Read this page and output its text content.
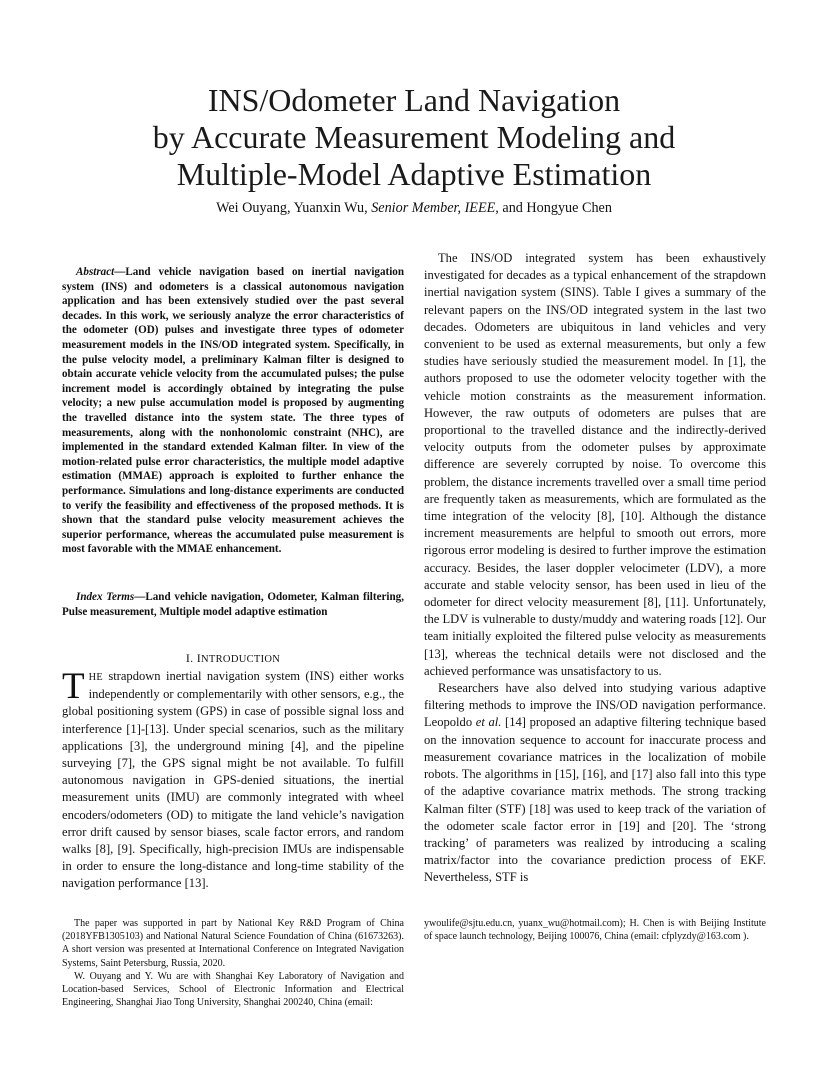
INS/Odometer Land Navigation
by Accurate Measurement Modeling and
Multiple-Model Adaptive Estimation
Wei Ouyang, Yuanxin Wu, Senior Member, IEEE, and Hongyue Chen
Abstract—Land vehicle navigation based on inertial navigation system (INS) and odometers is a classical autonomous navigation application and has been extensively studied over the past several decades. In this work, we seriously analyze the error characteristics of the odometer (OD) pulses and investigate three types of odometer measurement models in the INS/OD integrated system. Specifically, in the pulse velocity model, a preliminary Kalman filter is designed to obtain accurate vehicle velocity from the accumulated pulses; the pulse increment model is accordingly obtained by integrating the pulse velocity; a new pulse accumulation model is proposed by augmenting the travelled distance into the system state. The three types of measurements, along with the nonhonolomic constraint (NHC), are implemented in the standard extended Kalman filter. In view of the motion-related pulse error characteristics, the multiple model adaptive estimation (MMAE) approach is exploited to further enhance the performance. Simulations and long-distance experiments are conducted to verify the feasibility and effectiveness of the proposed methods. It is shown that the standard pulse velocity measurement achieves the superior performance, whereas the accumulated pulse measurement is most favorable with the MMAE enhancement.
Index Terms—Land vehicle navigation, Odometer, Kalman filtering, Pulse measurement, Multiple model adaptive estimation
I. INTRODUCTION
THE strapdown inertial navigation system (INS) either works independently or complementarily with other sensors, e.g., the global positioning system (GPS) in case of possible signal loss and interference [1]-[13]. Under special scenarios, such as the military applications [3], the underground mining [4], and the pipeline surveying [7], the GPS signal might be not available. To fulfill autonomous navigation in GPS-denied situations, the inertial measurement units (IMU) are commonly integrated with wheel encoders/odometers (OD) to mitigate the land vehicle’s navigation error drift caused by sensor biases, scale factor errors, and random walks [8], [9]. Specifically, high-precision IMUs are indispensable in order to ensure the long-distance and long-time stability of the navigation performance [13].

The INS/OD integrated system has been exhaustively investigated for decades as a typical enhancement of the strapdown inertial navigation system (SINS). Table I gives a summary of the relevant papers on the INS/OD integrated system in the last two decades. Odometers are ubiquitous in land vehicles and very convenient to be used as external measurements, but only a few studies have seriously studied the measurement model. In [1], the authors proposed to use the odometer velocity together with the vehicle motion constraints as the measurement information. However, the raw outputs of odometers are pulses that are proportional to the travelled distance and the indirectly-derived velocity outputs from the odometer pulses by approximate difference are severely corrupted by noise. To overcome this problem, the distance increments travelled over a small time period are frequently taken as measurements, which are formulated as the time integration of the velocity [8], [10]. Although the distance increment measurements are helpful to smooth out errors, more rigorous error modeling is desired to further improve the estimation accuracy. Besides, the laser doppler velocimeter (LDV), a more accurate and stable velocity sensor, has been used in lieu of the odometer for direct velocity measurement [8], [11]. Unfortunately, the LDV is vulnerable to dusty/muddy and watering roads [12]. Our team initially exploited the filtered pulse velocity as measurements [13], whereas the technical details were not disclosed and the achieved performance was unsatisfactory to us.

Researchers have also delved into studying various adaptive filtering methods to improve the INS/OD navigation performance. Leopoldo et al. [14] proposed an adaptive filtering technique based on the innovation sequence to account for inaccurate process and measurement covariance matrices in the localization of mobile robots. The algorithms in [15], [16], and [17] also fall into this type of the adaptive covariance matrix methods. The strong tracking Kalman filter (STF) [18] was used to keep track of the variation of the odometer scale factor error in [19] and [20]. The ‘strong tracking’ of parameters was realized by introducing a scaling matrix/factor into the covariance prediction process of EKF. Nevertheless, STF is

The paper was supported in part by National Key R&D Program of China (2018YFB1305103) and National Natural Science Foundation of China (61673263). A short version was presented at International Conference on Integrated Navigation Systems, Saint Petersburg, Russia, 2020.

W. Ouyang and Y. Wu are with Shanghai Key Laboratory of Navigation and Location-based Services, School of Electronic Information and Electrical Engineering, Shanghai Jiao Tong University, Shanghai 200240, China (email:

ywoulife@sjtu.edu.cn, yuanx_wu@hotmail.com); H. Chen is with Beijing Institute of space launch technology, Beijing 100076, China (email: cfplyzdy@163.com ).
